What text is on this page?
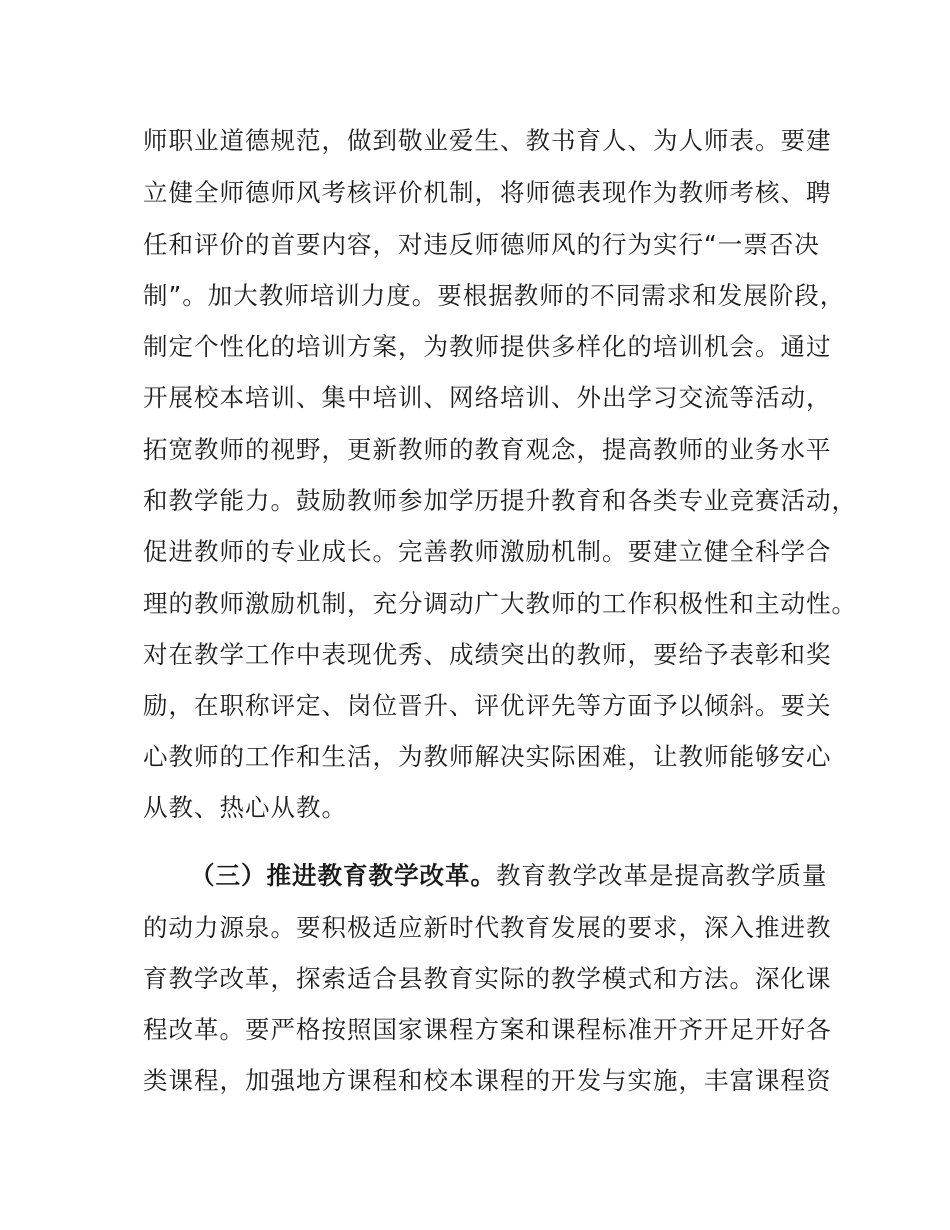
师职业道德规范，做到敬业爱生、教书育人、为人师表。要建
立健全师德师风考核评价机制，将师德表现作为教师考核、聘
任和评价的首要内容，对违反师德师风的行为实行“一票否决
制”。加大教师培训力度。要根据教师的不同需求和发展阶段，
制定个性化的培训方案，为教师提供多样化的培训机会。通过
开展校本培训、集中培训、网络培训、外出学习交流等活动，
拓宽教师的视野，更新教师的教育观念，提高教师的业务水平
和教学能力。鼓励教师参加学历提升教育和各类专业竞赛活动，
促进教师的专业成长。完善教师激励机制。要建立健全科学合
理的教师激励机制，充分调动广大教师的工作积极性和主动性。
对在教学工作中表现优秀、成绩突出的教师，要给予表彰和奖
励，在职称评定、岗位晋升、评优评先等方面予以倾斜。要关
心教师的工作和生活，为教师解决实际困难，让教师能够安心
从教、热心从教。
（三）推进教育教学改革。教育教学改革是提高教学质量
的动力源泉。要积极适应新时代教育发展的要求，深入推进教
育教学改革，探索适合县教育实际的教学模式和方法。深化课
程改革。要严格按照国家课程方案和课程标准开齐开足开好各
类课程，加强地方课程和校本课程的开发与实施，丰富课程资
